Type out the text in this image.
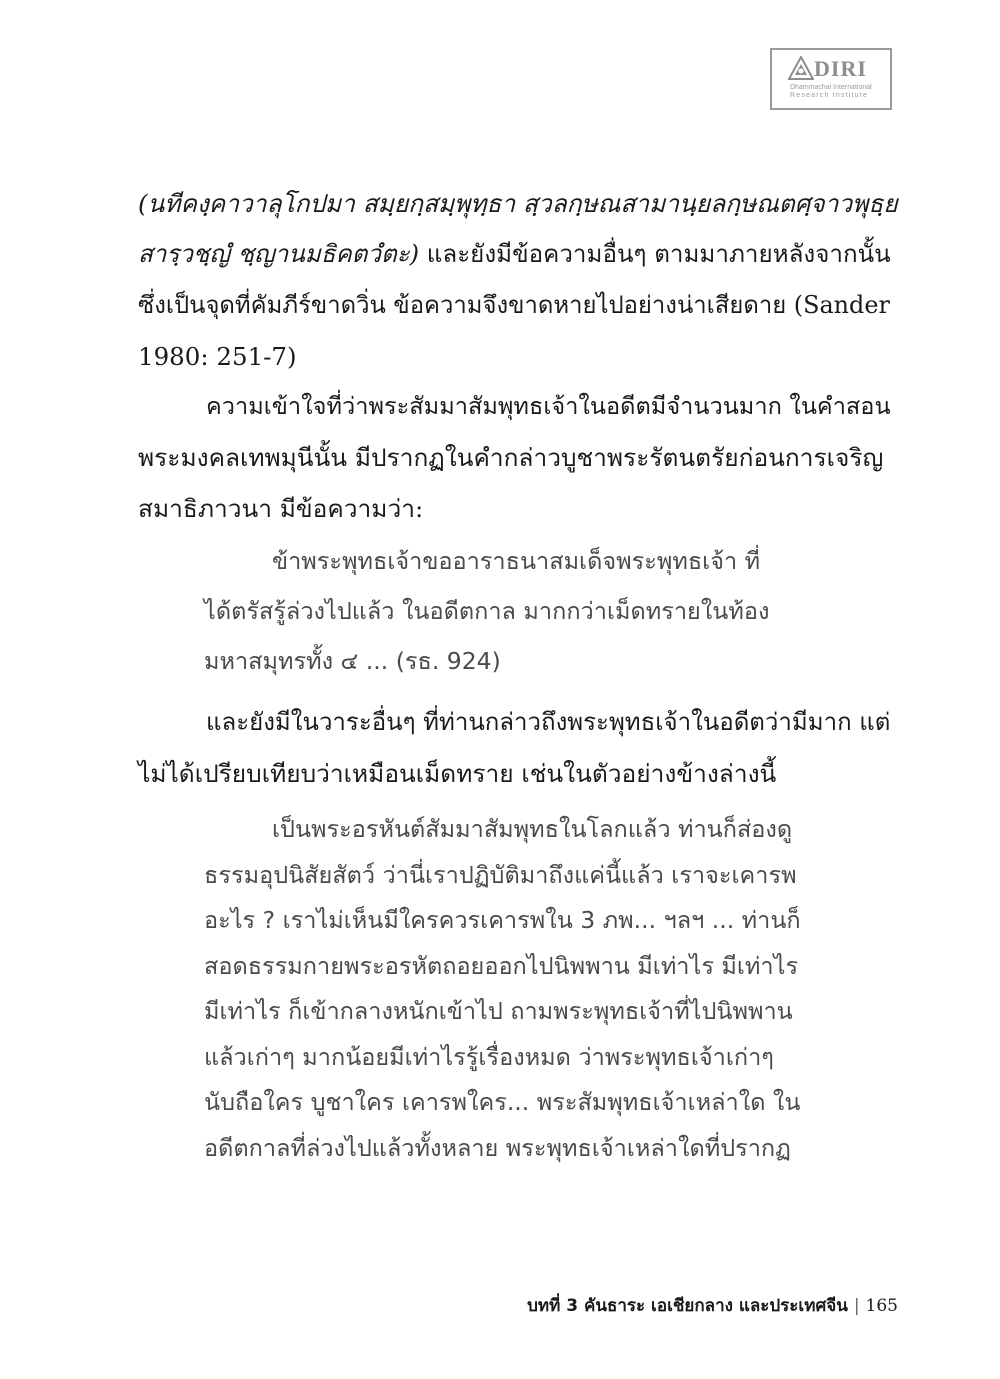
DIRI
Dhammachai International
Research Institute
(นทีคงฺคาวาลุโกปมา สมฺยกฺสมฺพุทฺธา สฺวลกฺษณสามานฺยลกฺษณตศฺจาวพุธฺย
สารฺวชฺญํ ชฺญานมธิคตวํตะ) และยังมีข้อความอื่นๆ ตามมาภายหลังจากนั้น
ซึ่งเป็นจุดที่คัมภีร์ขาดวิ่น ข้อความจึงขาดหายไปอย่างน่าเสียดาย (Sander
1980: 251-7)
ความเข้าใจที่ว่าพระสัมมาสัมพุทธเจ้าในอดีตมีจำนวนมาก ในคำสอน
พระมงคลเทพมุนีนั้น มีปรากฏในคำกล่าวบูชาพระรัตนตรัยก่อนการเจริญ
สมาธิภาวนา มีข้อความว่า:
ข้าพระพุทธเจ้าขออาราธนาสมเด็จพระพุทธเจ้า ที่
ได้ตรัสรู้ล่วงไปแล้ว ในอดีตกาล มากกว่าเม็ดทรายในท้อง
มหาสมุทรทั้ง ๔ ... (รธ. 924)
และยังมีในวาระอื่นๆ ที่ท่านกล่าวถึงพระพุทธเจ้าในอดีตว่ามีมาก แต่
ไม่ได้เปรียบเทียบว่าเหมือนเม็ดทราย เช่นในตัวอย่างข้างล่างนี้
เป็นพระอรหันต์สัมมาสัมพุทธในโลกแล้ว ท่านก็ส่องดู
ธรรมอุปนิสัยสัตว์ ว่านี่เราปฏิบัติมาถึงแค่นี้แล้ว เราจะเคารพ
อะไร ? เราไม่เห็นมีใครควรเคารพใน 3 ภพ... ฯลฯ ... ท่านก็
สอดธรรมกายพระอรหัตถอยออกไปนิพพาน มีเท่าไร มีเท่าไร
มีเท่าไร ก็เข้ากลางหนักเข้าไป ถามพระพุทธเจ้าที่ไปนิพพาน
แล้วเก่าๆ มากน้อยมีเท่าไรรู้เรื่องหมด ว่าพระพุทธเจ้าเก่าๆ
นับถือใคร บูชาใคร เคารพใคร... พระสัมพุทธเจ้าเหล่าใด ใน
อดีตกาลที่ล่วงไปแล้วทั้งหลาย พระพุทธเจ้าเหล่าใดที่ปรากฏ
บทที่ 3 คันธาระ เอเชียกลาง และประเทศจีน | 165
